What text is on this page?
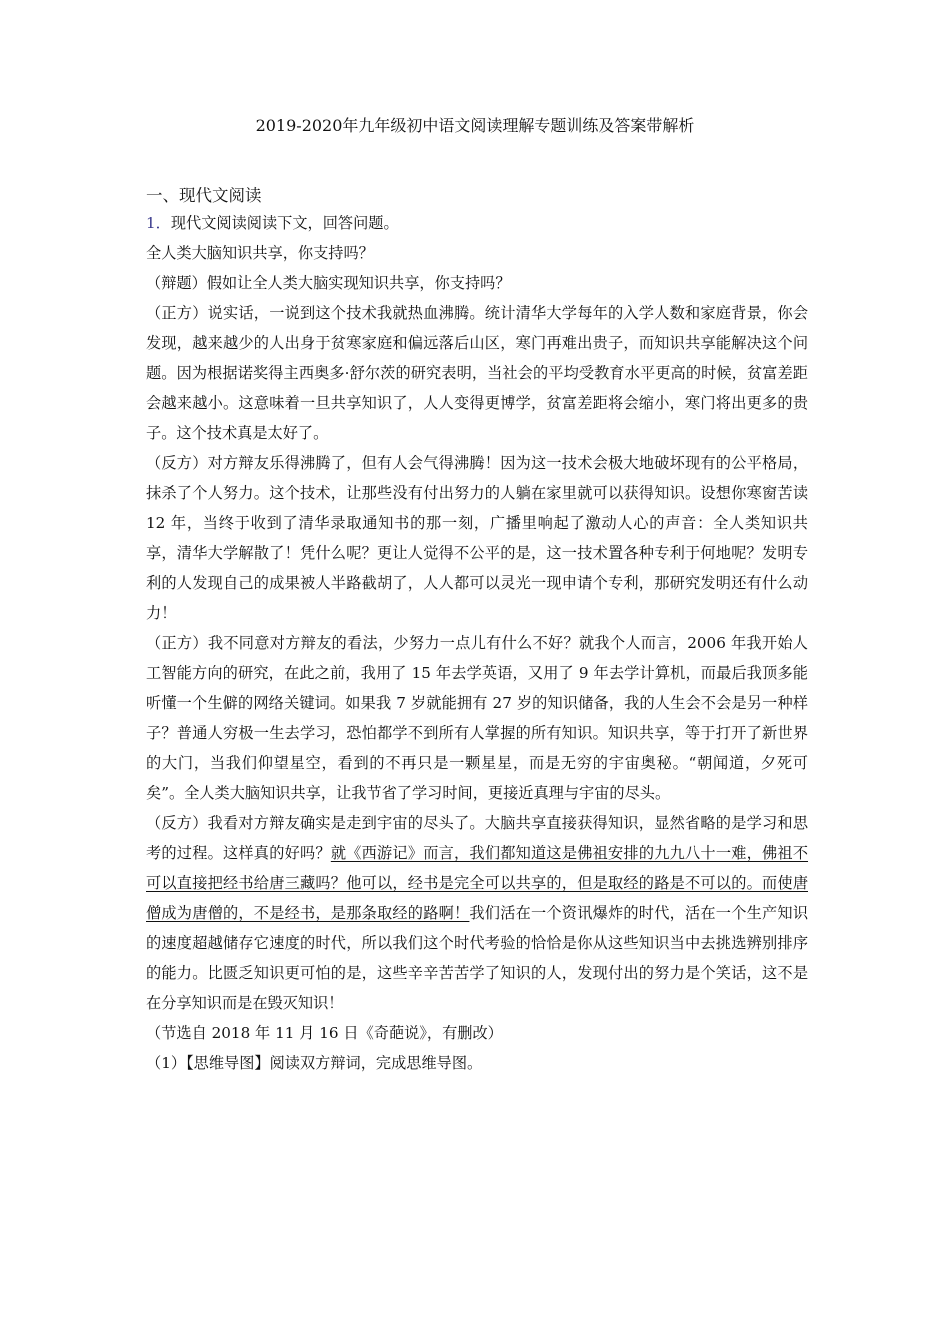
2019-2020年九年级初中语文阅读理解专题训练及答案带解析
一、现代文阅读

1．现代文阅读阅读下文，回答问题。

全人类大脑知识共享，你支持吗？

（辩题）假如让全人类大脑实现知识共享，你支持吗？

（正方）说实话，一说到这个技术我就热血沸腾。统计清华大学每年的入学人数和家庭背景，你会发现，越来越少的人出身于贫寒家庭和偏远落后山区，寒门再难出贵子，而知识共享能解决这个问题。因为根据诺奖得主西奥多·舒尔茨的研究表明，当社会的平均受教育水平更高的时候，贫富差距会越来越小。这意味着一旦共享知识了，人人变得更博学，贫富差距将会缩小，寒门将出更多的贵子。这个技术真是太好了。

（反方）对方辩友乐得沸腾了，但有人会气得沸腾！因为这一技术会极大地破坏现有的公平格局，抹杀了个人努力。这个技术，让那些没有付出努力的人躺在家里就可以获得知识。设想你寒窗苦读 12 年，当终于收到了清华录取通知书的那一刻，广播里响起了激动人心的声音：全人类知识共享，清华大学解散了！凭什么呢？更让人觉得不公平的是，这一技术置各种专利于何地呢？发明专利的人发现自己的成果被人半路截胡了，人人都可以灵光一现申请个专利，那研究发明还有什么动力！

（正方）我不同意对方辩友的看法，少努力一点儿有什么不好？就我个人而言，2006 年我开始人工智能方向的研究，在此之前，我用了 15 年去学英语，又用了 9 年去学计算机，而最后我顶多能听懂一个生僻的网络关键词。如果我 7 岁就能拥有 27 岁的知识储备，我的人生会不会是另一种样子？普通人穷极一生去学习，恐怕都学不到所有人掌握的所有知识。知识共享，等于打开了新世界的大门，当我们仰望星空，看到的不再只是一颗星星，而是无穷的宇宙奥秘。“朝闻道，夕死可矣”。全人类大脑知识共享，让我节省了学习时间，更接近真理与宇宙的尽头。

（反方）我看对方辩友确实是走到宇宙的尽头了。大脑共享直接获得知识，显然省略的是学习和思考的过程。这样真的好吗？就《西游记》而言，我们都知道这是佛祖安排的九九八十一难，佛祖不可以直接把经书给唐三藏吗？他可以，经书是完全可以共享的，但是取经的路是不可以的。而使唐僧成为唐僧的，不是经书，是那条取经的路啊！我们活在一个资讯爆炸的时代，活在一个生产知识的速度超越储存它速度的时代，所以我们这个时代考验的恰恰是你从这些知识当中去挑选辨别排序的能力。比匮乏知识更可怕的是，这些辛辛苦苦学了知识的人，发现付出的努力是个笑话，这不是在分享知识而是在毁灭知识！

（节选自 2018 年 11 月 16 日《奇葩说》，有删改）

（1）【思维导图】阅读双方辩词，完成思维导图。
